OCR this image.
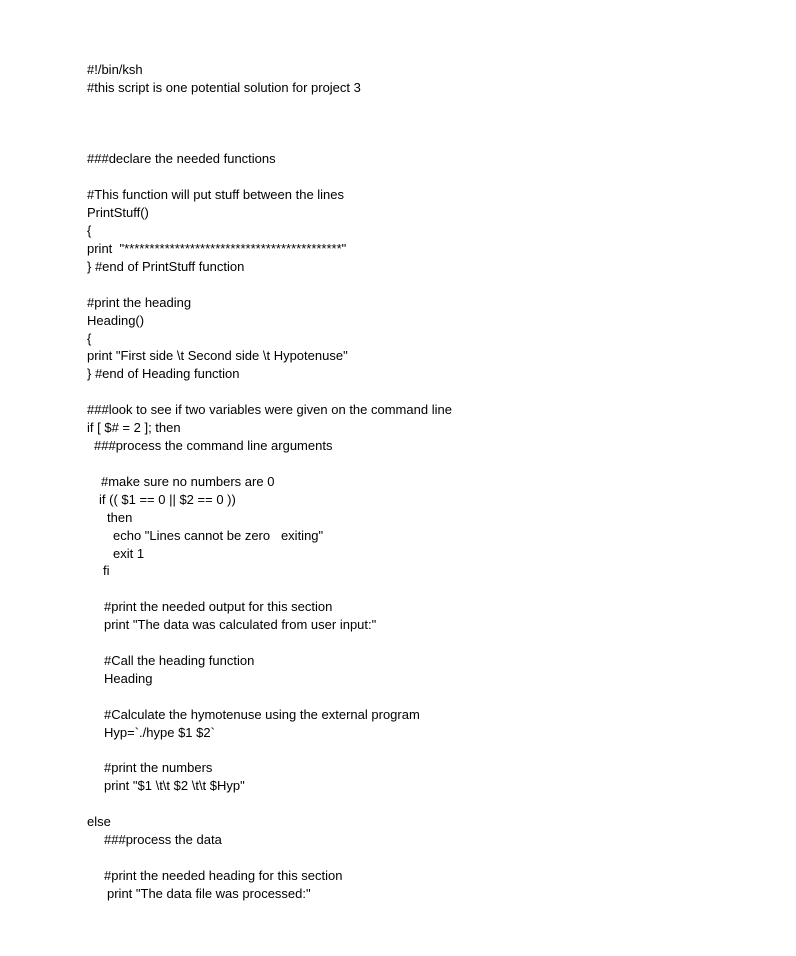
#!/bin/ksh
#this script is one potential solution for project 3
###declare the needed functions
#This function will put stuff between the lines
PrintStuff()
{
print  "*******************************************"
} #end of PrintStuff function
#print the heading
Heading()
{
print "First side \t Second side \t Hypotenuse"
} #end of Heading function
###look to see if two variables were given on the command line
if [ $# = 2 ]; then
###process the command line arguments
#make sure no numbers are 0
if (( $1 == 0 || $2 == 0 ))
then
echo "Lines cannot be zero   exiting"
exit 1
fi
#print the needed output for this section
print "The data was calculated from user input:"
#Call the heading function
Heading
#Calculate the hymotenuse using the external program
Hyp=`./hype $1 $2`
#print the numbers
print "$1 \t\t $2 \t\t $Hyp"
else
###process the data
#print the needed heading for this section
print "The data file was processed:"
